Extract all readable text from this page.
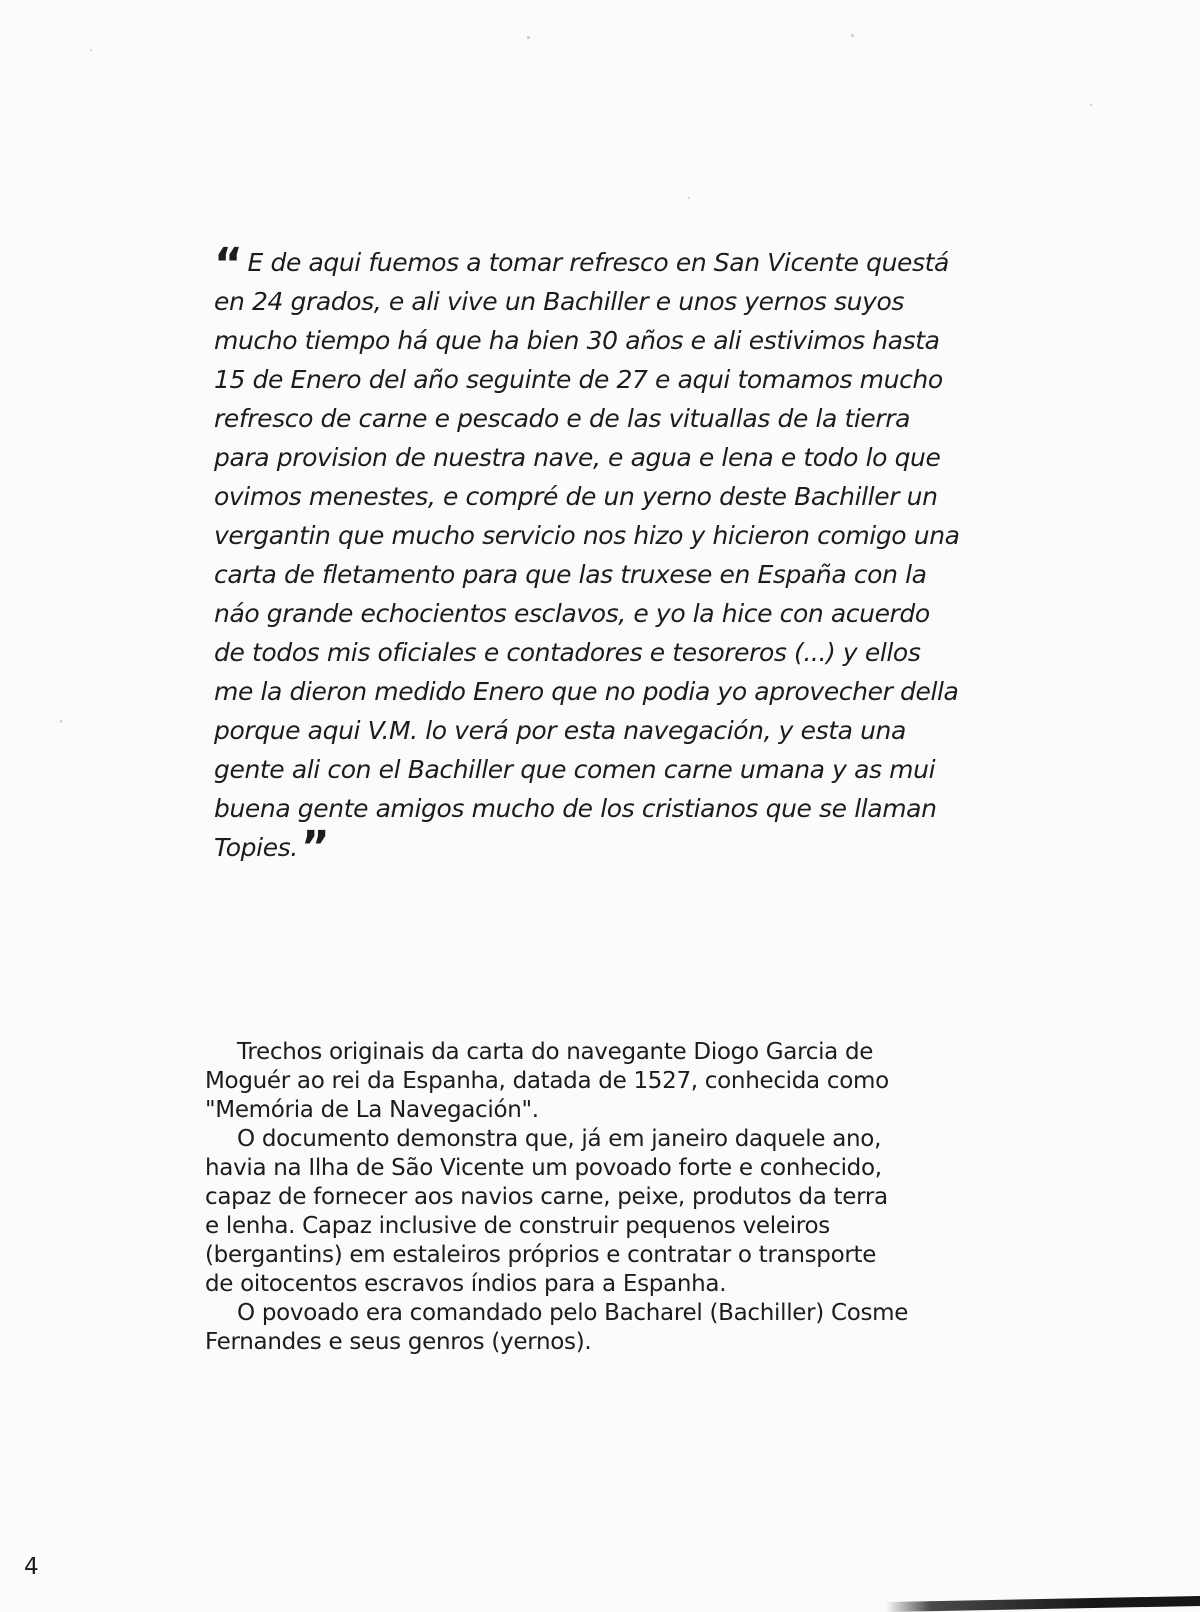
“ E de aqui fuemos a tomar refresco en San Vicente questá
en 24 grados, e ali vive un Bachiller e unos yernos suyos
mucho tiempo há que ha bien 30 años e ali estivimos hasta
15 de Enero del año seguinte de 27 e aqui tomamos mucho
refresco de carne e pescado e de las vituallas de la tierra
para provision de nuestra nave, e agua e lena e todo lo que
ovimos menestes, e compré de un yerno deste Bachiller un
vergantin que mucho servicio nos hizo y hicieron comigo una
carta de fletamento para que las truxese en España con la
náo grande echocientos esclavos, e yo la hice con acuerdo
de todos mis oficiales e contadores e tesoreros (...) y ellos
me la dieron medido Enero que no podia yo aprovecher della
porque aqui V.M. lo verá por esta navegación, y esta una
gente ali con el Bachiller que comen carne umana y as mui
buena gente amigos mucho de los cristianos que se llaman
Topies.”
Trechos originais da carta do navegante Diogo Garcia de
Moguér ao rei da Espanha, datada de 1527, conhecida como
"Memória de La Navegación".
O documento demonstra que, já em janeiro daquele ano,
havia na Ilha de São Vicente um povoado forte e conhecido,
capaz de fornecer aos navios carne, peixe, produtos da terra
e lenha. Capaz inclusive de construir pequenos veleiros
(bergantins) em estaleiros próprios e contratar o transporte
de oitocentos escravos índios para a Espanha.
O povoado era comandado pelo Bacharel (Bachiller) Cosme
Fernandes e seus genros (yernos).
4
